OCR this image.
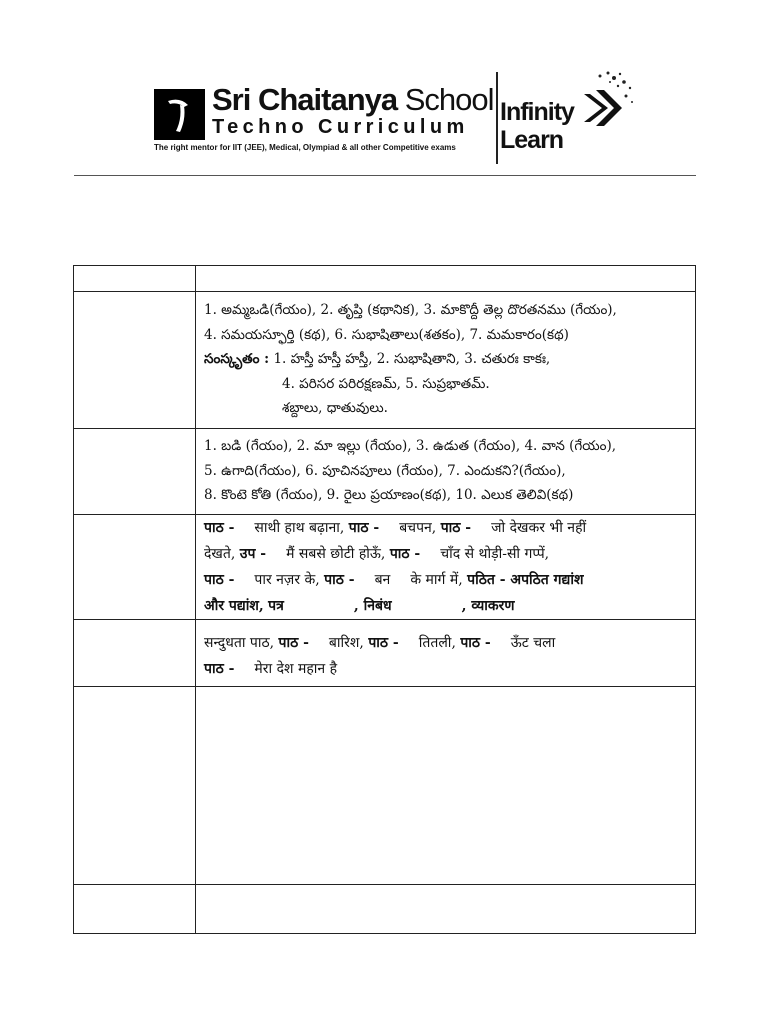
Sri Chaitanya School
Techno Curriculum
The right mentor for IIT (JEE), Medical, Olympiad & all other Competitive exams
Infinity
Learn

	1. అమ్మఒడి(గేయం), 2. తృప్తి (కథానిక), 3. మాకొద్దీ తెల్ల దొరతనము (గేయం),
4. సమయస్ఫూర్తి (కథ), 6. సుభాషితాలు(శతకం), 7. మమకారం(కథ)
సంస్కృతం : 1. హస్తీ హస్తీ హస్తీ, 2. సుభాషితాని, 3. చతురః కాకః,
4. పరిసర పరిరక్షణమ్, 5. సుప్రభాతమ్.
శబ్దాలు, ధాతువులు.

	1. బడి (గేయం), 2. మా ఇల్లు (గేయం), 3. ఉడుత (గేయం), 4. వాన (గేయం),
5. ఉగాది(గేయం), 6. పూచినపూలు (గేయం), 7. ఎందుకని?(గేయం),
8. కొంటె కోతి (గేయం), 9. రైలు ప్రయాణం(కథ), 10. ఎలుక తెలివి(కథ)

	पाठ - साथी हाथ बढ़ाना, पाठ - बचपन, पाठ - जो देखकर भी नहीं
देखते, उप - मैं सबसे छोटी होऊँ, पाठ - चाँद से थोड़ी-सी गप्पें,
पाठ - पार नज़र के, पाठ - बन के मार्ग में, पठित - अपठित गद्यांश
और पद्यांश, पत्र , निबंध , व्याकरण

	सन्दुधता पाठ, पाठ - बारिश, पाठ - तितली, पाठ - ऊँट चला
पाठ - मेरा देश महान है
